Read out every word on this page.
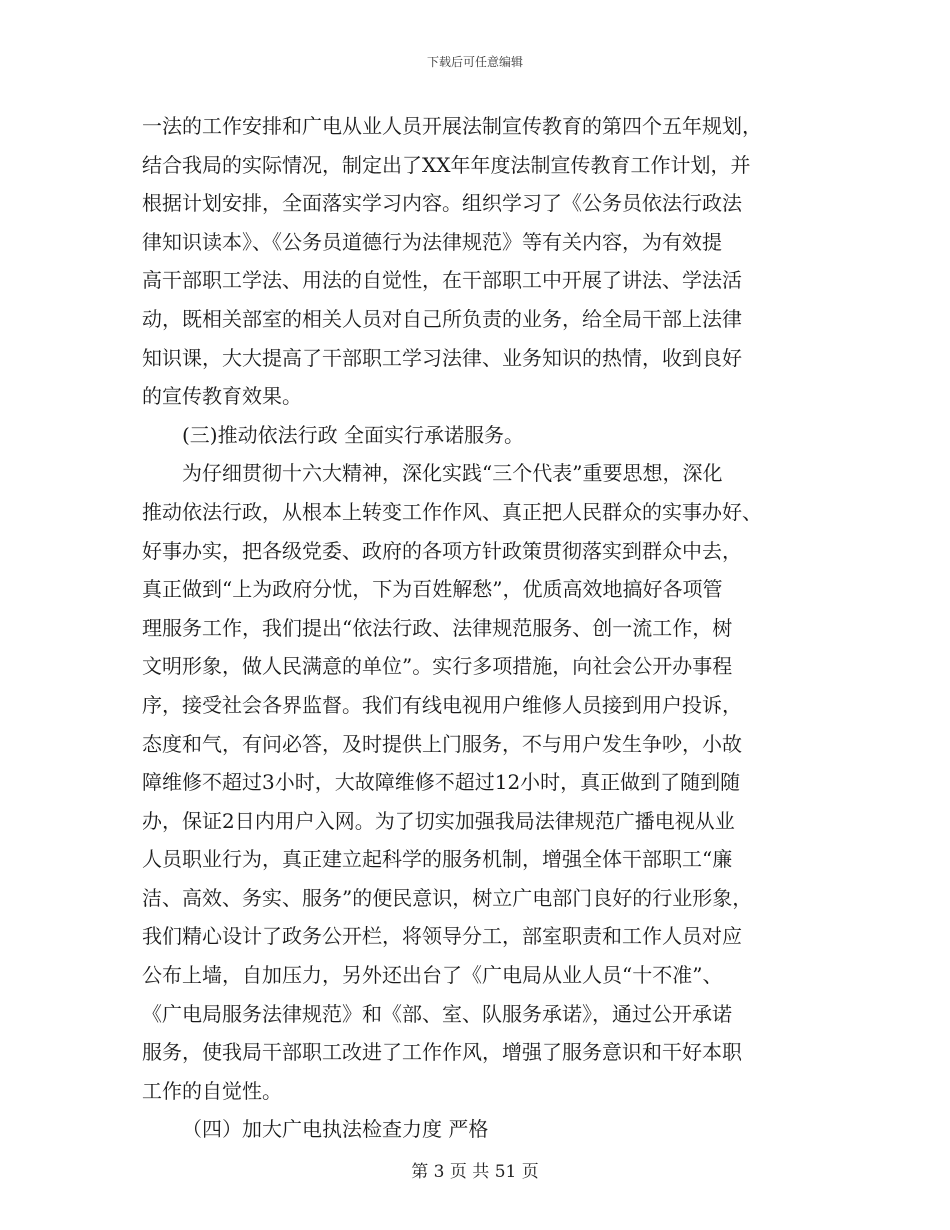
下载后可任意编辑
一法的工作安排和广电从业人员开展法制宣传教育的第四个五年规划，
结合我局的实际情况，制定出了XX年年度法制宣传教育工作计划，并
根据计划安排，全面落实学习内容。组织学习了《公务员依法行政法
律知识读本》、《公务员道德行为法律规范》等有关内容，为有效提
高干部职工学法、用法的自觉性，在干部职工中开展了讲法、学法活
动，既相关部室的相关人员对自己所负责的业务，给全局干部上法律
知识课，大大提高了干部职工学习法律、业务知识的热情，收到良好
的宣传教育效果。
(三)推动依法行政 全面实行承诺服务。
为仔细贯彻十六大精神，深化实践“三个代表”重要思想，深化
推动依法行政，从根本上转变工作作风、真正把人民群众的实事办好、
好事办实，把各级党委、政府的各项方针政策贯彻落实到群众中去，
真正做到“上为政府分忧，下为百姓解愁”，优质高效地搞好各项管
理服务工作，我们提出“依法行政、法律规范服务、创一流工作，树
文明形象，做人民满意的单位”。实行多项措施，向社会公开办事程
序，接受社会各界监督。我们有线电视用户维修人员接到用户投诉，
态度和气，有问必答，及时提供上门服务，不与用户发生争吵，小故
障维修不超过3小时，大故障维修不超过12小时，真正做到了随到随
办，保证2日内用户入网。为了切实加强我局法律规范广播电视从业
人员职业行为，真正建立起科学的服务机制，增强全体干部职工“廉
洁、高效、务实、服务”的便民意识，树立广电部门良好的行业形象，
我们精心设计了政务公开栏，将领导分工，部室职责和工作人员对应
公布上墙，自加压力，另外还出台了《广电局从业人员“十不准”、
《广电局服务法律规范》和《部、室、队服务承诺》，通过公开承诺
服务，使我局干部职工改进了工作作风，增强了服务意识和干好本职
工作的自觉性。
（四）加大广电执法检查力度 严格
第 3 页 共 51 页
